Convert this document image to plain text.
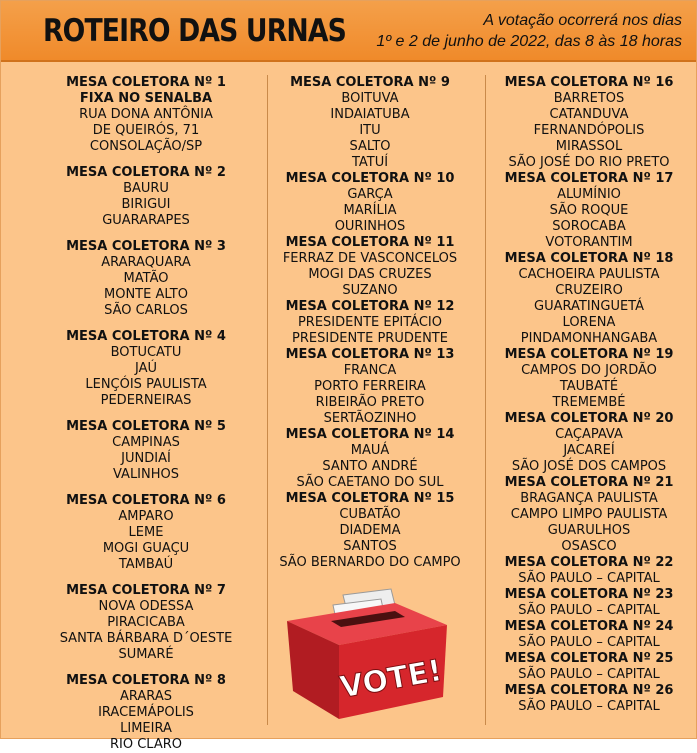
ROTEIRO DAS URNAS	A votação ocorrerá nos dias
1º e 2 de junho de 2022, das 8 às 18 horas
MESA COLETORA Nº 1
FIXA NO SENALBA
RUA DONA ANTÔNIA
DE QUEIRÓS, 71
CONSOLAÇÃO/SP
MESA COLETORA Nº 2
BAURU
BIRIGUI
GUARARAPES
MESA COLETORA Nº 3
ARARAQUARA
MATÃO
MONTE ALTO
SÃO CARLOS
MESA COLETORA Nº 4
BOTUCATU
JAÚ
LENÇÓIS PAULISTA
PEDERNEIRAS
MESA COLETORA Nº 5
CAMPINAS
JUNDIAÍ
VALINHOS
MESA COLETORA Nº 6
AMPARO
LEME
MOGI GUAÇU
TAMBAÚ
MESA COLETORA Nº 7
NOVA ODESSA
PIRACICABA
SANTA BÁRBARA D´OESTE
SUMARÉ
MESA COLETORA Nº 8
ARARAS
IRACEMÁPOLIS
LIMEIRA
RIO CLARO
MESA COLETORA Nº 9
BOITUVA
INDAIATUBA
ITU
SALTO
TATUÍ
MESA COLETORA Nº 10
GARÇA
MARÍLIA
OURINHOS
MESA COLETORA Nº 11
FERRAZ DE VASCONCELOS
MOGI DAS CRUZES
SUZANO
MESA COLETORA Nº 12
PRESIDENTE EPITÁCIO
PRESIDENTE PRUDENTE
MESA COLETORA Nº 13
FRANCA
PORTO FERREIRA
RIBEIRÃO PRETO
SERTÃOZINHO
MESA COLETORA Nº 14
MAUÁ
SANTO ANDRÉ
SÃO CAETANO DO SUL
MESA COLETORA Nº 15
CUBATÃO
DIADEMA
SANTOS
SÃO BERNARDO DO CAMPO
MESA COLETORA Nº 16
BARRETOS
CATANDUVA
FERNANDÓPOLIS
MIRASSOL
SÃO JOSÉ DO RIO PRETO
MESA COLETORA Nº 17
ALUMÍNIO
SÃO ROQUE
SOROCABA
VOTORANTIM
MESA COLETORA Nº 18
CACHOEIRA PAULISTA
CRUZEIRO
GUARATINGUETÁ
LORENA
PINDAMONHANGABA
MESA COLETORA Nº 19
CAMPOS DO JORDÃO
TAUBATÉ
TREMEMBÉ
MESA COLETORA Nº 20
CAÇAPAVA
JACAREÍ
SÃO JOSÉ DOS CAMPOS
MESA COLETORA Nº 21
BRAGANÇA PAULISTA
CAMPO LIMPO PAULISTA
GUARULHOS
OSASCO
MESA COLETORA Nº 22
SÃO PAULO – CAPITAL
MESA COLETORA Nº 23
SÃO PAULO – CAPITAL
MESA COLETORA Nº 24
SÃO PAULO – CAPITAL
MESA COLETORA Nº 25
SÃO PAULO – CAPITAL
MESA COLETORA Nº 26
SÃO PAULO – CAPITAL
VOTE!
